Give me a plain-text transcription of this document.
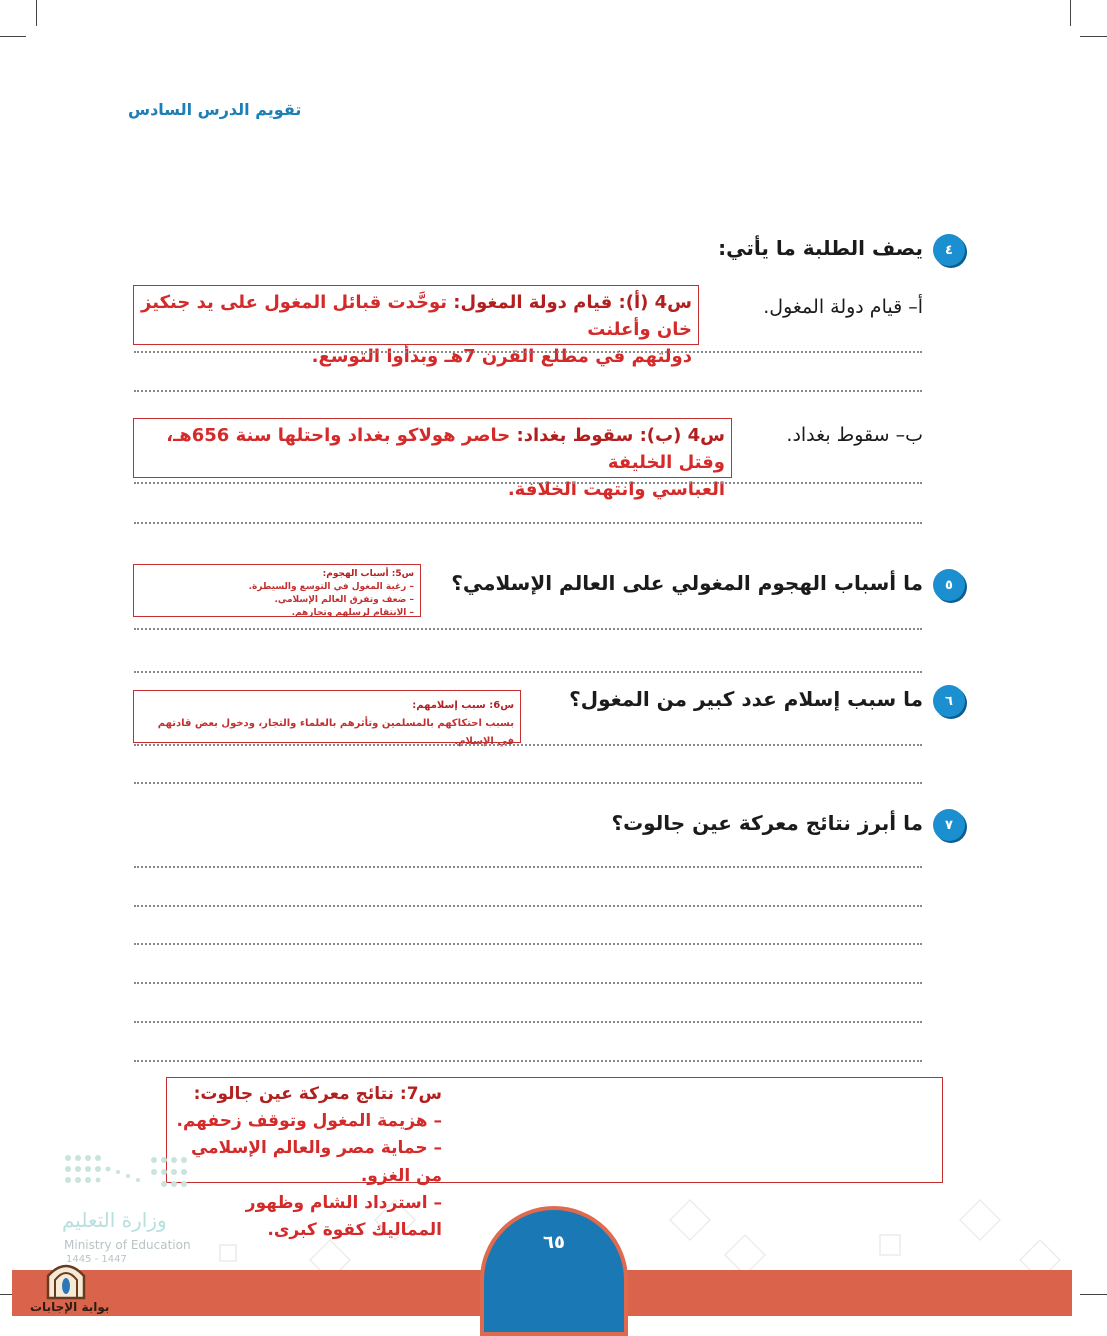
تقويم الدرس السادس
٤
يصف الطلبة ما يأتي:
أ– قيام دولة المغول.
س4 (أ): قيام دولة المغول: توحَّدت قبائل المغول على يد جنكيز خان وأعلنت
دولتهم في مطلع القرن 7هـ وبدأوا التوسع.
ب– سقوط بغداد.
س4 (ب): سقوط بغداد: حاصر هولاكو بغداد واحتلها سنة 656هـ، وقتل الخليفة
العباسي وانتهت الخلافة.
٥
ما أسباب الهجوم المغولي على العالم الإسلامي؟
س5: أسباب الهجوم:
– رغبة المغول في التوسع والسيطرة.
– ضعف وتفرق العالم الإسلامي.
– الانتقام لرسلهم وتجارهم.
٦
ما سبب إسلام عدد كبير من المغول؟
س6: سبب إسلامهم:
بسبب احتكاكهم بالمسلمين وتأثرهم بالعلماء والتجار، ودخول بعض قادتهم في الإسلام.
٧
ما أبرز نتائج معركة عين جالوت؟
س7: نتائج معركة عين جالوت:
– هزيمة المغول وتوقف زحفهم.
– حماية مصر والعالم الإسلامي من الغزو.
– استرداد الشام وظهور المماليك كقوة كبرى.
وزارة التعليم
Ministry of Education
1445 - 1447
٦٥
بوابة الإجابات
